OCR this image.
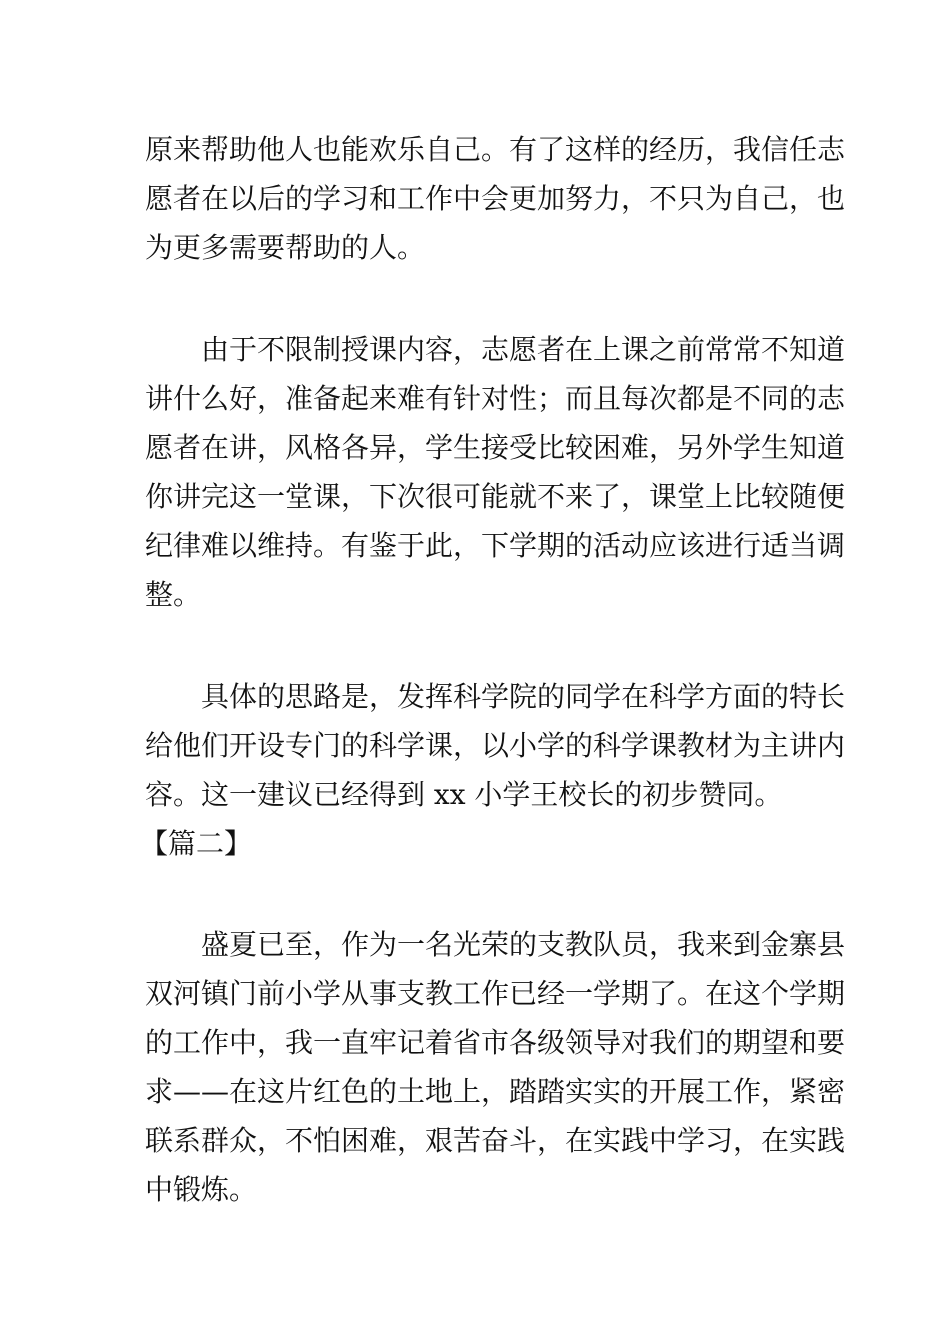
原来帮助他人也能欢乐自己。有了这样的经历，我信任志
愿者在以后的学习和工作中会更加努力，不只为自己，也
为更多需要帮助的人。
由于不限制授课内容，志愿者在上课之前常常不知道
讲什么好，准备起来难有针对性；而且每次都是不同的志
愿者在讲，风格各异，学生接受比较困难，另外学生知道
你讲完这一堂课，下次很可能就不来了，课堂上比较随便
纪律难以维持。有鉴于此，下学期的活动应该进行适当调
整。
具体的思路是，发挥科学院的同学在科学方面的特长
给他们开设专门的科学课，以小学的科学课教材为主讲内
容。这一建议已经得到 xx 小学王校长的初步赞同。
【篇二】
盛夏已至，作为一名光荣的支教队员，我来到金寨县
双河镇门前小学从事支教工作已经一学期了。在这个学期
的工作中，我一直牢记着省市各级领导对我们的期望和要
求——在这片红色的土地上，踏踏实实的开展工作，紧密
联系群众，不怕困难，艰苦奋斗，在实践中学习，在实践
中锻炼。
